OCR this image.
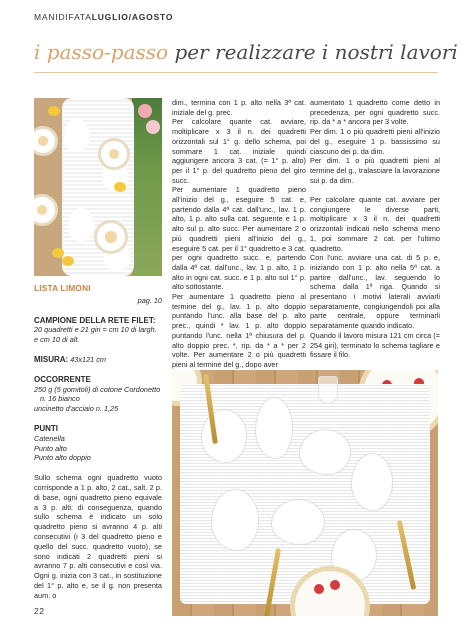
MANIDIFATALUGLIO/AGOSTO
i passo-passo per realizzare i nostri lavori
LISTA LIMONI
pag. 10
CAMPIONE DELLA RETE FILET: 20 quadretti e 21 giri = cm 10 di largh. e cm 10 di alt.
MISURA: 43x121 cm
OCCORRENTE
250 g (5 gomitoli) di cotone Cordonetto
n. 16 bianco
uncinetto d'acciaio n. 1,25
PUNTI
Catenella
Punto alto
Punto alto doppio
Sullo schema ogni quadretto vuoto corrisponde a 1 p. alto, 2 cat., salt. 2 p. di base, ogni quadretto pieno equivale a 3 p. alti: di conseguenza, quando sullo schema è indicato un solo quadretto pieno si avranno 4 p. alti consecutivi (i 3 del quadretto pieno e quello del succ. quadretto vuoto), se sono indicati 2 quadretti pieni si avranno 7 p. alti consecutivi e così via. Ogni g. inizia con 3 cat., in sostituzione del 1° p. alto e, se il g. non presenta aum. o
22

dim., termina con 1 p. alto nella 3ª cat. iniziale del g. prec.

Per calcolare quante cat. avviare, moltiplicare x 3 il n. dei quadretti orizzontali sul 1° g. dello schema, poi sommare 1 cat. iniziale quindi aggiungere ancora 3 cat. (= 1° p. alto) per il 1° p. del quadretto pieno del giro succ.

Per aumentare 1 quadretto pieno all'inizio del g., eseguire 5 cat. e, partendo dalla 4ª cat. dall'unc., lav. 1 p. alto, 1 p. alto sulla cat. seguente e 1 p. alto sul p. alto succ. Per aumentare 2 o più quadretti pieni all'inizio del g., eseguire 5 cat. per il 1° quadretto e 3 cat. per ogni quadretto succ. e, partendo dalla 4ª cat. dall'unc., lav. 1 p. alto, 1 p. alto in ogni cat. succ. e 1 p. alto sul 1° p. alto sottostante.

Per aumentare 1 quadretto pieno al termine del g., lav. 1 p. alto doppio puntando l'unc. alla base del p. alto prec., quindi * lav. 1 p. alto doppio puntando l'unc. nella 1ª chiusura del p. alto doppio prec. *, rip. da * a * per 2 volte. Per aumentare 2 o più quadretti pieni al termine del g., dopo aver

aumentato 1 quadretto come detto in precedenza, per ogni quadretto succ. rip. da * a * ancora per 3 volte.

Per dim. 1 o più quadretti pieni all'inizio del g., eseguire 1 p. bassissimo su ciascuno dei p. da dim.

Per dim. 1 o più quadretti pieni al termine del g., tralasciare la lavorazione sui p. da dim.

Per calcolare quante cat. avviare per congiungere le diverse parti, moltiplicare x 3 il n. dei quadretti orizzontali indicati nello schema meno 1, poi sommare 2 cat. per l'ultimo quadretto.

Con l'unc. avviare una cat. di 5 p. e, iniziando con 1 p. alto nella 5ª cat. a partire dall'unc., lav. seguendo lo schema dalla 1ª riga. Quando si presentano i motivi laterali avviarli separatamente, congiungendoli poi alla parte centrale, oppure terminarli separatamente quando indicato.

Quando il lavoro misura 121 cm circa (= 254 giri), terminato lo schema tagliare e fissare il filo.
